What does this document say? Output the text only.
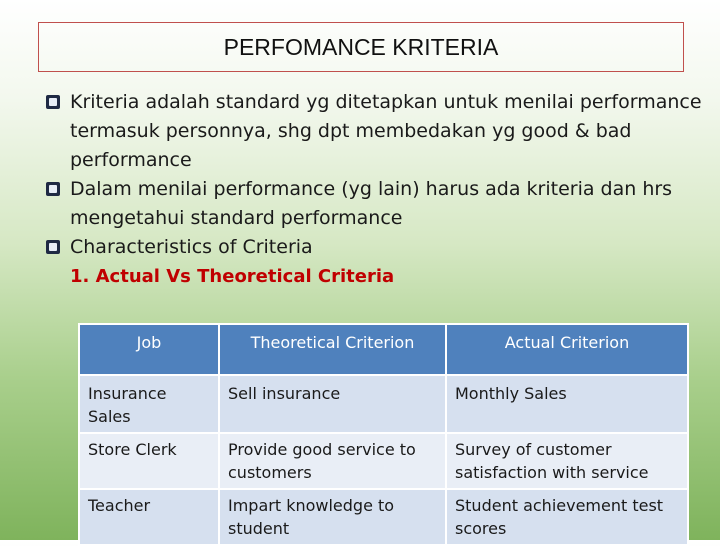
PERFOMANCE KRITERIA
Kriteria adalah standard yg ditetapkan untuk menilai performance termasuk personnya, shg dpt membedakan yg good & bad performance
Dalam menilai performance (yg lain) harus ada kriteria dan hrs mengetahui standard performance
Characteristics of Criteria
1. Actual Vs Theoretical Criteria
Job	Theoretical Criterion	Actual Criterion
Insurance Sales	Sell insurance	Monthly Sales
Store Clerk	Provide good service to customers	Survey of customer satisfaction with service
Teacher	Impart knowledge to student	Student achievement test scores
